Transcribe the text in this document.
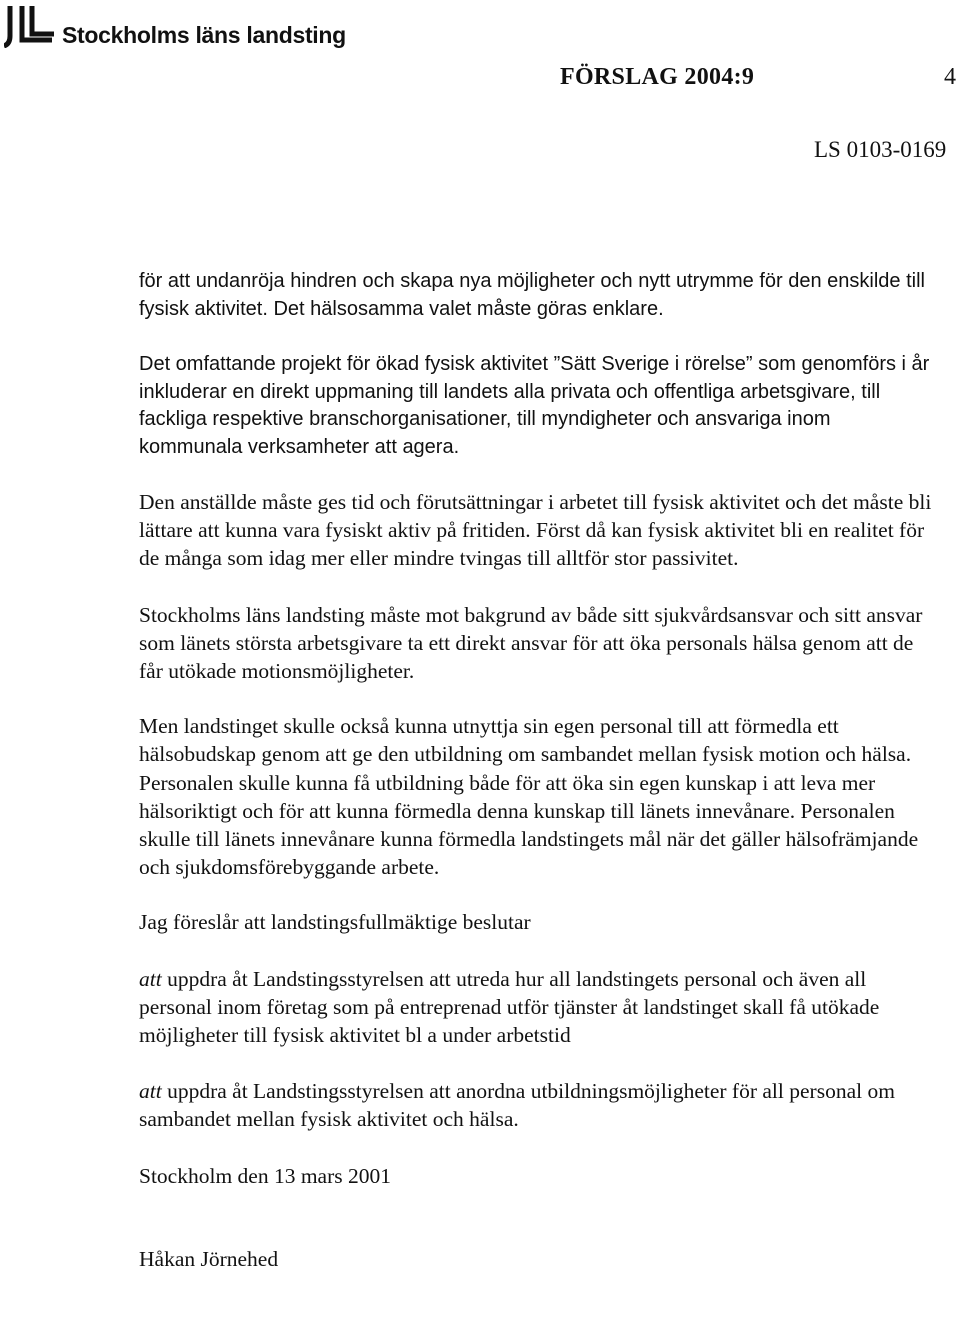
Stockholms läns landsting
FÖRSLAG 2004:9	4
LS 0103-0169

för att undanröja hindren och skapa nya möjligheter och nytt utrymme för den enskilde till fysisk aktivitet. Det hälsosamma valet måste göras enklare.

Det omfattande projekt för ökad fysisk aktivitet ”Sätt Sverige i rörelse” som genomförs i år inkluderar en direkt uppmaning till landets alla privata och offentliga arbetsgivare, till fackliga respektive branschorganisationer, till myndigheter och ansvariga inom kommunala verksamheter att agera.

Den anställde måste ges tid och förutsättningar i arbetet till fysisk aktivitet och det måste bli lättare att kunna vara fysiskt aktiv på fritiden. Först då kan fysisk aktivitet bli en realitet för de många som idag mer eller mindre tvingas till alltför stor passivitet.

Stockholms läns landsting måste mot bakgrund av både sitt sjukvårdsansvar och sitt ansvar som länets största arbetsgivare ta ett direkt ansvar för att öka personals hälsa genom att de får utökade motionsmöjligheter.

Men landstinget skulle också kunna utnyttja sin egen personal till att förmedla ett hälsobudskap genom att ge den utbildning om sambandet mellan fysisk motion och hälsa. Personalen skulle kunna få utbildning både för att öka sin egen kunskap i att leva mer hälsoriktigt och för att kunna förmedla denna kunskap till länets innevånare. Personalen skulle till länets innevånare kunna förmedla landstingets mål när det gäller hälsofrämjande och sjukdomsförebyggande arbete.

Jag föreslår att landstingsfullmäktige beslutar

att uppdra åt Landstingsstyrelsen att utreda hur all landstingets personal och även all personal inom företag som på entreprenad utför tjänster åt landstinget skall få utökade möjligheter till fysisk aktivitet bl a under arbetstid

att uppdra åt Landstingsstyrelsen att anordna utbildningsmöjligheter för all personal om sambandet mellan fysisk aktivitet och hälsa.

Stockholm den 13 mars 2001

Håkan Jörnehed
